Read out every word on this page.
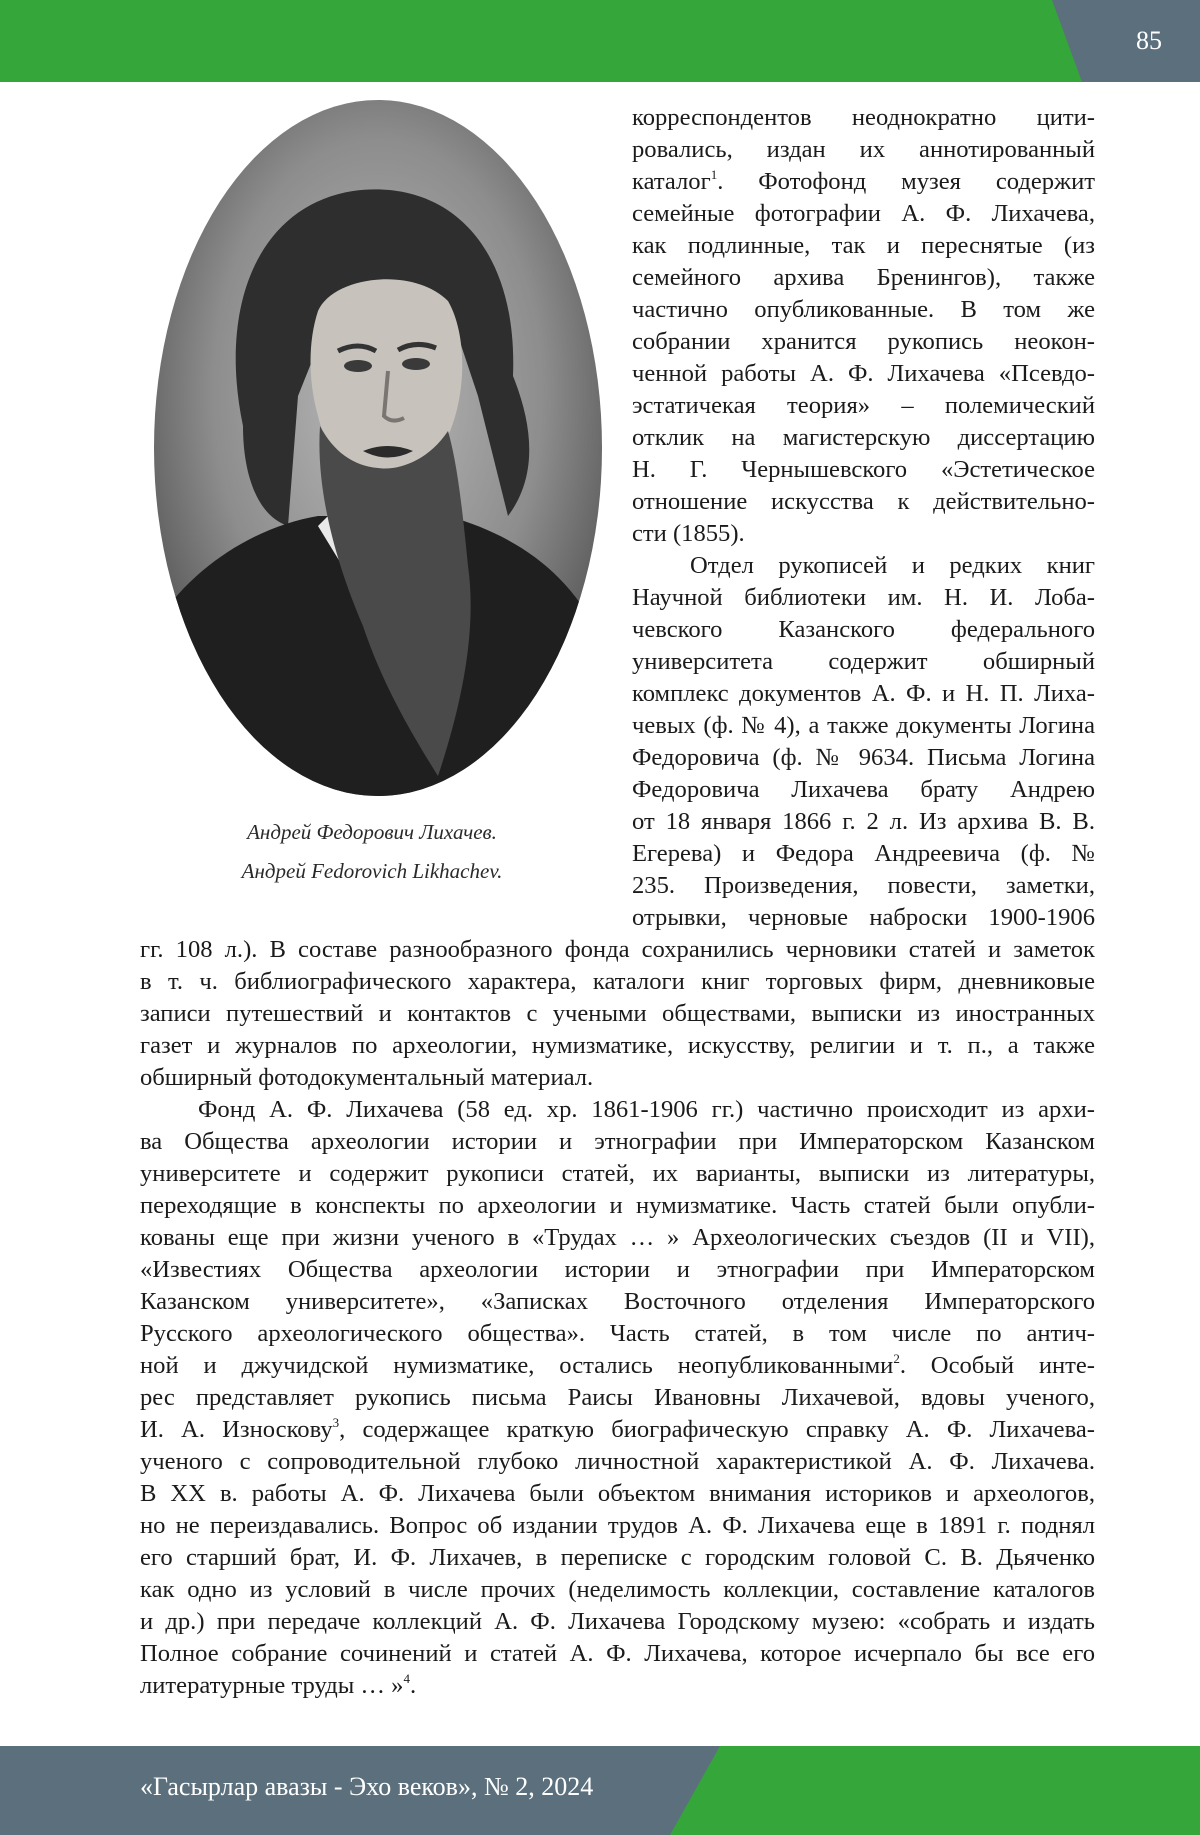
85
Андрей Федорович Лихачев.
Андрей Fedorovich Likhachev.
корреспондентов неоднократно цити-
ровались, издан их аннотированный
каталог$^1$. Фотофонд музея содержит
семейные фотографии А. Ф. Лихачева,
как подлинные, так и переснятые (из
семейного архива Бренингов), также
частично опубликованные. В том же
собрании хранится рукопись неокон-
ченной работы А. Ф. Лихачева «Псевдо-
эстатичекая теория» – полемический
отклик на магистерскую диссертацию
Н. Г. Чернышевского «Эстетическое
отношение искусства к действительно-
сти (1855).
Отдел рукописей и редких книг
Научной библиотеки им. Н. И. Лоба-
чевского Казанского федерального
университета содержит обширный
комплекс документов А. Ф. и Н. П. Лиха-
чевых (ф. № 4), а также документы Логина
Федоровича (ф. № 9634. Письма Логина
Федоровича Лихачева брату Андрею
от 18 января 1866 г. 2 л. Из архива В. В.
Егерева) и Федора Андреевича (ф. №
235. Произведения, повести, заметки,
отрывки, черновые наброски 1900-1906
гг. 108 л.). В составе разнообразного фонда сохранились черновики статей и заметок
в т. ч. библиографического характера, каталоги книг торговых фирм, дневниковые
записи путешествий и контактов с учеными обществами, выписки из иностранных
газет и журналов по археологии, нумизматике, искусству, религии и т. п., а также
обширный фотодокументальный материал.
Фонд А. Ф. Лихачева (58 ед. хр. 1861-1906 гг.) частично происходит из архи-
ва Общества археологии истории и этнографии при Императорском Казанском
университете и содержит рукописи статей, их варианты, выписки из литературы,
переходящие в конспекты по археологии и нумизматике. Часть статей были опубли-
кованы еще при жизни ученого в «Трудах … » Археологических съездов (II и VII),
«Известиях Общества археологии истории и этнографии при Императорском
Казанском университете», «Записках Восточного отделения Императорского
Русского археологического общества». Часть статей, в том числе по антич-
ной и джучидской нумизматике, остались неопубликованными$^2$. Особый инте-
рес представляет рукопись письма Раисы Ивановны Лихачевой, вдовы ученого,
И. А. Износкову$^3$, содержащее краткую биографическую справку А. Ф. Лихачева-
ученого с сопроводительной глубоко личностной характеристикой А. Ф. Лихачева.
В XX в. работы А. Ф. Лихачева были объектом внимания историков и археологов,
но не переиздавались. Вопрос об издании трудов А. Ф. Лихачева еще в 1891 г. поднял
его старший брат, И. Ф. Лихачев, в переписке с городским головой С. В. Дьяченко
как одно из условий в числе прочих (неделимость коллекции, составление каталогов
и др.) при передаче коллекций А. Ф. Лихачева Городскому музею: «собрать и издать
Полное собрание сочинений и статей А. Ф. Лихачева, которое исчерпало бы все его
литературные труды … »$^4$.
«Гасырлар авазы - Эхо веков», № 2, 2024
